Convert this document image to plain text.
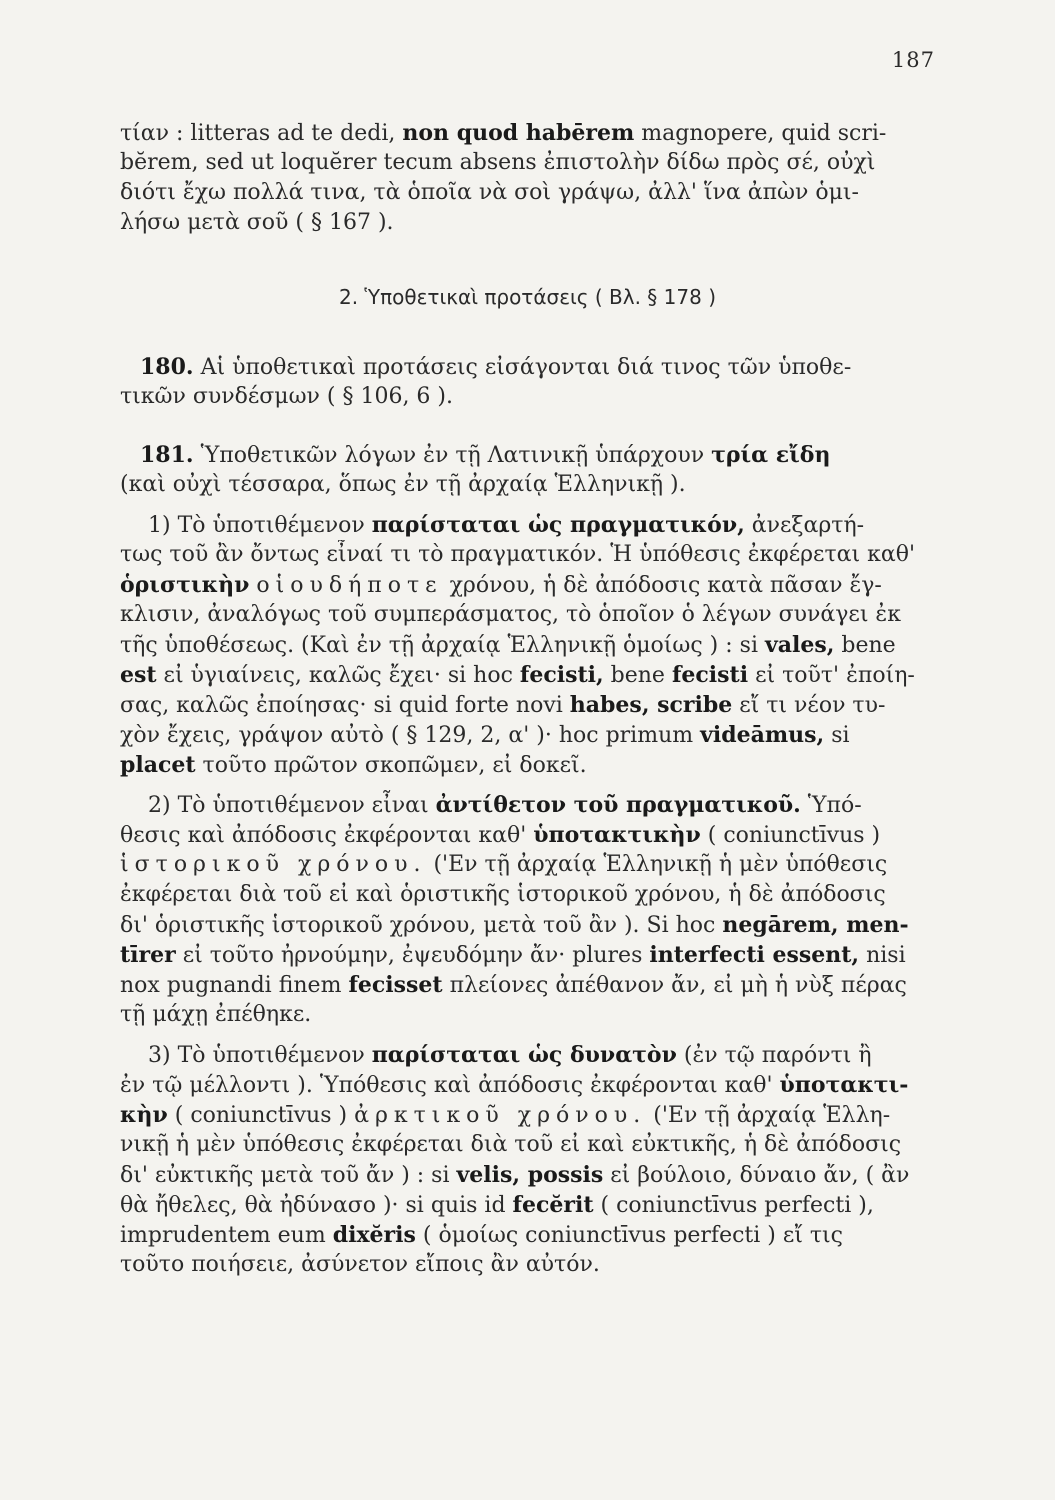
187
2. Ὑποθετικαὶ προτάσεις ( Βλ. § 178 )
τίαν : litteras ad te dedi, non quod habērem magnopere, quid scri-
bĕrem, sed ut loquĕrer tecum absens ἐπιστολὴν δίδω πρὸς σέ, οὐχὶ
διότι ἔχω πολλά τινα, τὰ ὁποῖα νὰ σοὶ γράψω, ἀλλ' ἵνα ἀπὼν ὁμι-
λήσω μετὰ σοῦ ( § 167 ).
180. Αἱ ὑποθετικαὶ προτάσεις εἰσάγονται διά τινος τῶν ὑποθε-
τικῶν συνδέσμων ( § 106, 6 ).
181. Ὑποθετικῶν λόγων ἐν τῇ Λατινικῇ ὑπάρχουν τρία εἴδη
(καὶ οὐχὶ τέσσαρα, ὅπως ἐν τῇ ἀρχαίᾳ Ἑλληνικῇ ).
1) Τὸ ὑποτιθέμενον παρίσταται ὡς πραγματικόν, ἀνεξαρτή-
τως τοῦ ἂν ὄντως εἶναί τι τὸ πραγματικόν. Ἡ ὑπόθεσις ἐκφέρεται καθ'
ὁριστικὴν οἱουδήποτε χρόνου, ἡ δὲ ἀπόδοσις κατὰ πᾶσαν ἔγ-
κλισιν, ἀναλόγως τοῦ συμπεράσματος, τὸ ὁποῖον ὁ λέγων συνάγει ἐκ
τῆς ὑποθέσεως. (Καὶ ἐν τῇ ἀρχαίᾳ Ἑλληνικῇ ὁμοίως ) : si vales, bene
est εἰ ὑγιαίνεις, καλῶς ἔχει· si hoc fecisti, bene fecisti εἰ τοῦτ' ἐποίη-
σας, καλῶς ἐποίησας· si quid forte novi habes, scribe εἴ τι νέον τυ-
χὸν ἔχεις, γράψον αὐτὸ ( § 129, 2, α' )· hoc primum videāmus, si
placet τοῦτο πρῶτον σκοπῶμεν, εἰ δοκεῖ.
2) Τὸ ὑποτιθέμενον εἶναι ἀντίθετον τοῦ πραγματικοῦ. Ὑπό-
θεσις καὶ ἀπόδοσις ἐκφέρονται καθ' ὑποτακτικὴν ( coniunctīvus )
ἱστορικοῦ χρόνου. ('Εν τῇ ἀρχαίᾳ Ἑλληνικῇ ἡ μὲν ὑπόθεσις
ἐκφέρεται διὰ τοῦ εἰ καὶ ὁριστικῆς ἱστορικοῦ χρόνου, ἡ δὲ ἀπόδοσις
δι' ὁριστικῆς ἱστορικοῦ χρόνου, μετὰ τοῦ ἂν ). Si hoc negārem, men-
tīrer εἰ τοῦτο ἠρνούμην, ἐψευδόμην ἄν· plures interfecti essent, nisi
nox pugnandi finem fecisset πλείονες ἀπέθανον ἄν, εἰ μὴ ἡ νὺξ πέρας
τῇ μάχῃ ἐπέθηκε.
3) Τὸ ὑποτιθέμενον παρίσταται ὡς δυνατὸν (ἐν τῷ παρόντι ἢ
ἐν τῷ μέλλοντι ). Ὑπόθεσις καὶ ἀπόδοσις ἐκφέρονται καθ' ὑποτακτι-
κὴν ( coniunctīvus ) ἀρκτικοῦ χρόνου. ('Εν τῇ ἀρχαίᾳ Ἑλλη-
νικῇ ἡ μὲν ὑπόθεσις ἐκφέρεται διὰ τοῦ εἰ καὶ εὐκτικῆς, ἡ δὲ ἀπόδοσις
δι' εὐκτικῆς μετὰ τοῦ ἄν ) : si velis, possis εἰ βούλοιο, δύναιο ἄν, ( ἂν
θὰ ἤθελες, θὰ ἠδύνασο )· si quis id fecĕrit ( coniunctīvus perfecti ),
imprudentem eum dixĕris ( ὁμοίως coniunctīvus perfecti ) εἴ τις
τοῦτο ποιήσειε, ἀσύνετον εἴποις ἂν αὐτόν.
